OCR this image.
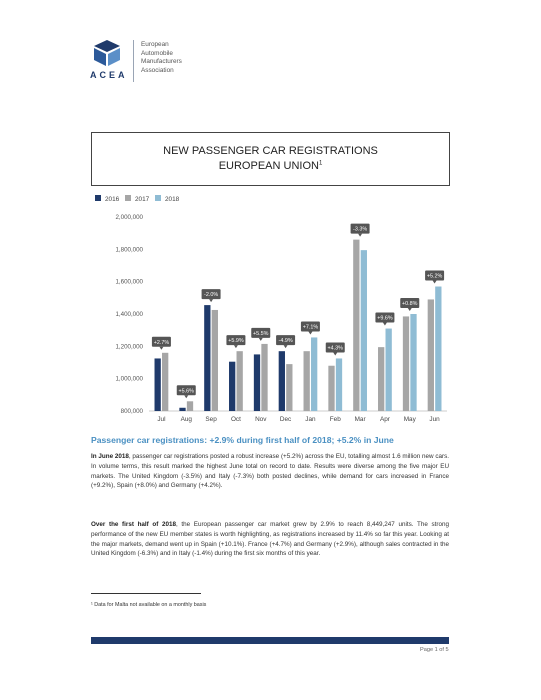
ACEA
European
Automobile
Manufacturers
Association
NEW PASSENGER CAR REGISTRATIONS
EUROPEAN UNION$^1$
2016 2017 2018
800,000
1,000,000
1,200,000
1,400,000
1,600,000
1,800,000
2,000,000
Jul
+2.7%
Aug
+5.6%
Sep
-2.0%
Oct
+5.9%
Nov
+5.5%
Dec
-4.9%
Jan
+7.1%
Feb
+4.3%
Mar
-3.3%
Apr
+9.6%
May
+0.8%
Jun
+5.2%
Passenger car registrations: +2.9% during first half of 2018; +5.2% in June
In June 2018, passenger car registrations posted a robust increase (+5.2%) across the EU, totalling almost 1.6 million new cars. In volume terms, this result marked the highest June total on record to date. Results were diverse among the five major EU markets. The United Kingdom (-3.5%) and Italy (-7.3%) both posted declines, while demand for cars increased in France (+9.2%), Spain (+8.0%) and Germany (+4.2%).
Over the first half of 2018, the European passenger car market grew by 2.9% to reach 8,449,247 units. The strong performance of the new EU member states is worth highlighting, as registrations increased by 11.4% so far this year. Looking at the major markets, demand went up in Spain (+10.1%). France (+4.7%) and Germany (+2.9%), although sales contracted in the United Kingdom (-6.3%) and in Italy (-1.4%) during the first six months of this year.
¹ Data for Malta not available on a monthly basis
Page 1 of 5
